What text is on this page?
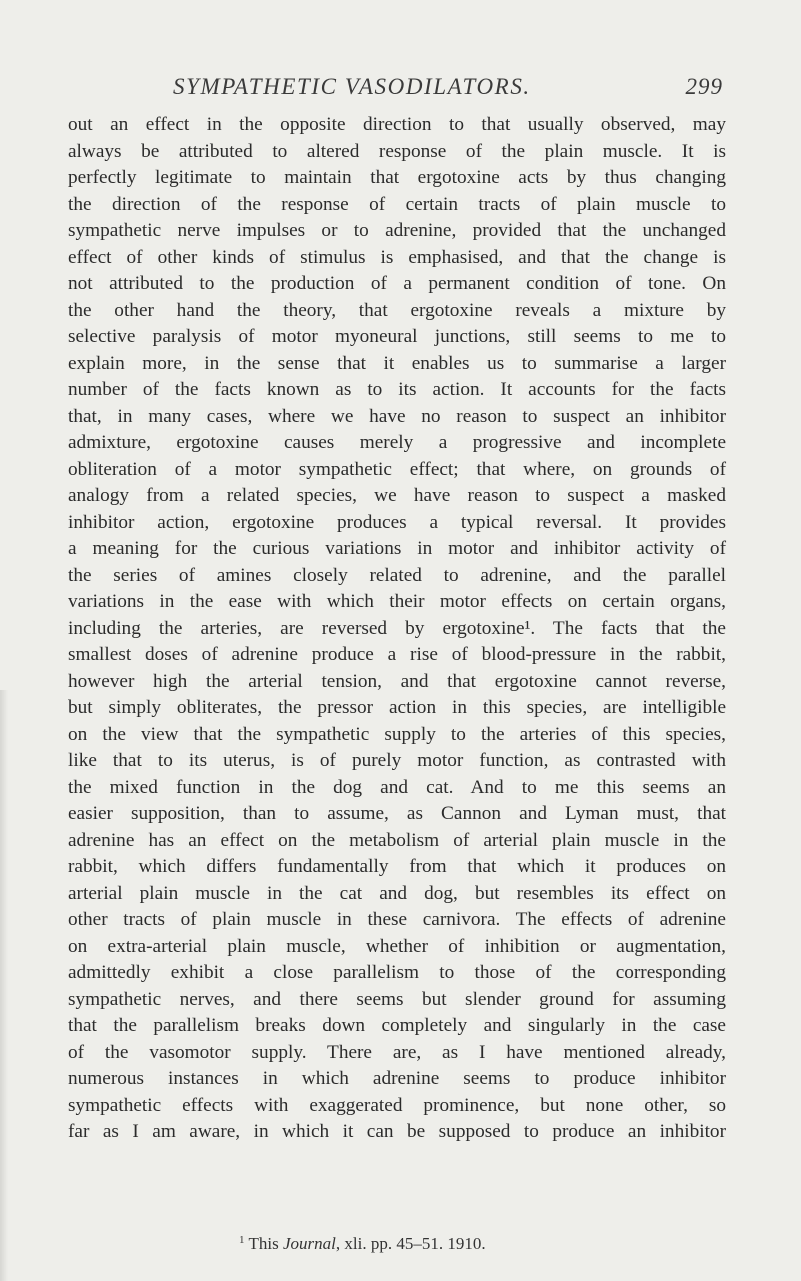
SYMPATHETIC VASODILATORS.	299
out an effect in the opposite direction to that usually observed, may
always be attributed to altered response of the plain muscle. It is
perfectly legitimate to maintain that ergotoxine acts by thus changing
the direction of the response of certain tracts of plain muscle to
sympathetic nerve impulses or to adrenine, provided that the unchanged
effect of other kinds of stimulus is emphasised, and that the change is
not attributed to the production of a permanent condition of tone. On
the other hand the theory, that ergotoxine reveals a mixture by
selective paralysis of motor myoneural junctions, still seems to me to
explain more, in the sense that it enables us to summarise a larger
number of the facts known as to its action. It accounts for the facts
that, in many cases, where we have no reason to suspect an inhibitor
admixture, ergotoxine causes merely a progressive and incomplete
obliteration of a motor sympathetic effect; that where, on grounds of
analogy from a related species, we have reason to suspect a masked
inhibitor action, ergotoxine produces a typical reversal. It provides
a meaning for the curious variations in motor and inhibitor activity of
the series of amines closely related to adrenine, and the parallel
variations in the ease with which their motor effects on certain organs,
including the arteries, are reversed by ergotoxine¹. The facts that the
smallest doses of adrenine produce a rise of blood-pressure in the rabbit,
however high the arterial tension, and that ergotoxine cannot reverse,
but simply obliterates, the pressor action in this species, are intelligible
on the view that the sympathetic supply to the arteries of this species,
like that to its uterus, is of purely motor function, as contrasted with
the mixed function in the dog and cat. And to me this seems an
easier supposition, than to assume, as Cannon and Lyman must, that
adrenine has an effect on the metabolism of arterial plain muscle in the
rabbit, which differs fundamentally from that which it produces on
arterial plain muscle in the cat and dog, but resembles its effect on
other tracts of plain muscle in these carnivora. The effects of adrenine
on extra-arterial plain muscle, whether of inhibition or augmentation,
admittedly exhibit a close parallelism to those of the corresponding
sympathetic nerves, and there seems but slender ground for assuming
that the parallelism breaks down completely and singularly in the case
of the vasomotor supply. There are, as I have mentioned already,
numerous instances in which adrenine seems to produce inhibitor
sympathetic effects with exaggerated prominence, but none other, so
far as I am aware, in which it can be supposed to produce an inhibitor
$^1$ This Journal, xli. pp. 45–51. 1910.
